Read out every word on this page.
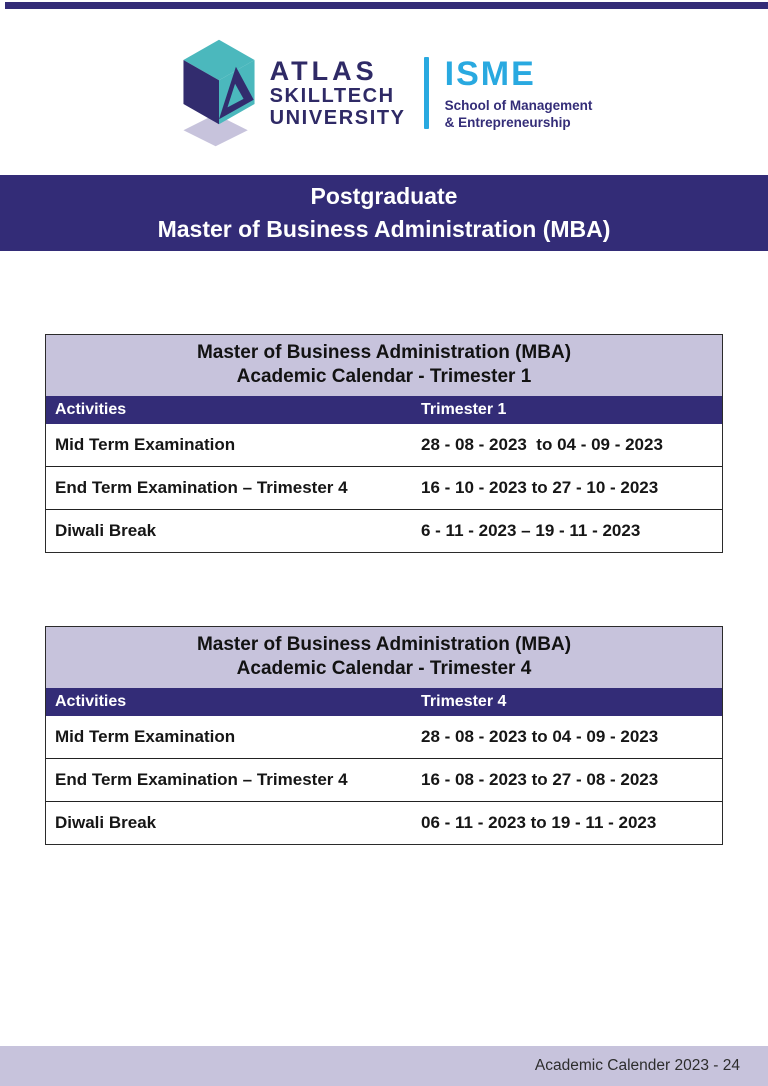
ATLAS
SKILLTECH
UNIVERSITY
ISME
School of Management
& Entrepreneurship
Postgraduate
Master of Business Administration (MBA)
Master of Business Administration (MBA)
Academic Calendar - Trimester 1
Activities	Trimester 1
Mid Term Examination	28 - 08 - 2023  to 04 - 09 - 2023
End Term Examination – Trimester 4	16 - 10 - 2023 to 27 - 10 - 2023
Diwali Break	6 - 11 - 2023 – 19 - 11 - 2023
Master of Business Administration (MBA)
Academic Calendar - Trimester 4
Activities	Trimester 4
Mid Term Examination	28 - 08 - 2023 to 04 - 09 - 2023
End Term Examination – Trimester 4	16 - 08 - 2023 to 27 - 08 - 2023
Diwali Break	06 - 11 - 2023 to 19 - 11 - 2023
Academic Calender 2023 - 24
